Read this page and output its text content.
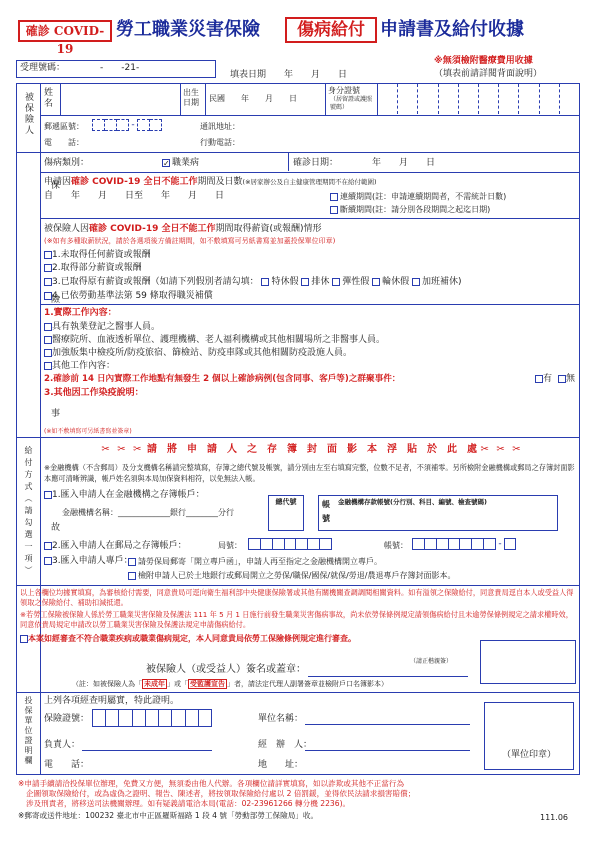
確診 COVID-19
勞工職業災害保險	傷病給付 申請書及給付收據
受理號碼：	-　　-21-
填表日期　　年　　月　　日
※無須檢附醫療費用收據
（填表前請詳閱背面說明）
被保險人 姓名
出生日期	民國　　年　　月　　日
身分證號
（居留證或護照號碼）
郵遞區號：	-	通訊地址：
電　　話：	行動電話：
保　險　事　故
傷病類別：	✓ 職業病	確診日期：	年　　月　　日
申請因確診 COVID-19 全日不能工作期間及日數(※居家辦公及自主健康管理期間不在給付範圍)
自　　年　　月　　日至　　年　　月　　日	連續期間(註：申請連續期間者，不需統計日數)
斷續期間(註：請分別各段期間之起迄日期)
被保險人因確診 COVID-19 全日不能工作期間取得薪資(或報酬)情形
(※如有多種取薪狀況，請於各選項後方備註期間，如不敷填寫可另紙書寫並加蓋投保單位印章)
1.未取得任何薪資或報酬
2.取得部分薪資或報酬
3.已取得原有薪資或報酬（如請下列假別者請勾填： 特休假 排休 彈性假 輪休假 加班補休)
4.已依勞動基準法第 59 條取得職災補償
1.實際工作內容：
具有執業登記之醫事人員。
醫療院所、血液透析單位、護理機構、老人福利機構或其他相關場所之非醫事人員。
加強版集中檢疫所/防疫旅宿、篩檢站、防疫車隊或其他相關防疫設施人員。
其他工作內容：
2.確診前 14 日內實際工作地點有無發生 2 個以上確診病例(包含同事、客戶等)之群聚事件：	有	無
3.其他因工作染疫說明：
(※如不敷填寫可另紙書寫並簽章)
給付方式（請勾選一項）	✂ ✂ ✂ 請　將　申　請　人　之　存　簿　封　面　影　本　浮　貼　於　此　處 ✂ ✂ ✂
※金融機構（不含郵局）及分支機構名稱請完整填寫，存簿之總代號及帳號，請分別由左至右填寫完整，位數不足者，不須補零。另所檢附金融機構或郵局之存簿封面影本應可清晰辨識，帳戶姓名須與本局加保資料相符，以免無法入帳。
1.匯入申請人在金融機構之存簿帳戶：
金融機構名稱：_____________銀行________分行
總代號	帳號
金融機構存款帳號(分行別、科目、編號、檢查號碼)
2.匯入申請人在郵局之存簿帳戶：	局號：	帳號：	-
3.匯入申請人專戶： 請勞保局郵寄「開立專戶函」，申請人再至指定之金融機構開立專戶。
檢附申請人已於土地銀行或郵局開立之勞保/職保/國保/就保/勞退/農退專戶存簿封面影本。
以上各欄位均據實填寫，為審核給付需要，同意貴局可逕向衛生福利部中央健康保險署或其他有關機關查調調閱相關資料。如有溢領之保險給付，同意貴局逕自本人或受益人得領取之保險給付、補助扣減抵還。
※若勞工保險被保險人係於勞工職業災害保險及保護法 111 年 5 月 1 日施行前發生職業災害傷病事故，尚未依勞保條例規定請領傷病給付且未逾勞保條例規定之請求權時效，同意依貴局規定申請改以勞工職業災害保險及保護法規定申請傷病給付。
本案如經審查不符合職業疾病或職業傷病規定，本人同意貴局依勞工保險條例規定進行審查。
被保險人（或受益人）簽名或蓋章：
（請正楷親簽）
（註：如被保險人為「 未成年 」或「 受監護宣告 」者，請法定代理人副署簽章並檢附戶口名簿影本）
投保單位證明欄 上列各項經查明屬實，特此證明。
保險證號：	單位名稱：
負責人：	經　辦　人：
電　　話：	地　　址：
（單位印章）
※申請手續請洽投保單位辦理，免費又方便，無須委由他人代辦。各項欄位請詳實填寫，如以詐欺或其他不正當行為
企圖領取保險給付，或為虛偽之證明、報告、陳述者，將按領取保險給付處以 2 倍罰鍰，並得依民法請求損害賠償；
涉及刑責者，將移送司法機關辦理。如有疑義請電洽本局(電話：02-23961266 轉分機 2236)。
※郵寄或送件地址：100232 臺北市中正區羅斯福路 1 段 4 號「勞動部勞工保險局」收。	111.06
